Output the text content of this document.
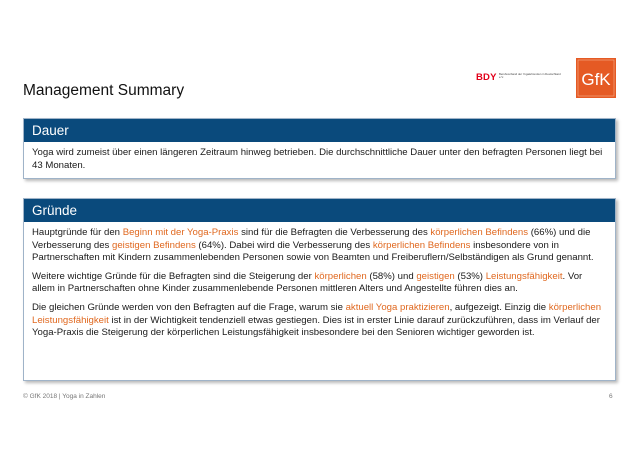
Management Summary
BDY Berufsverband der Yogalehrenden in Deutschland e.V.	GfK
Dauer

Yoga wird zumeist über einen längeren Zeitraum hinweg betrieben. Die durchschnittliche Dauer unter den befragten Personen liegt bei 43 Monaten.

Gründe

Hauptgründe für den Beginn mit der Yoga-Praxis sind für die Befragten die Verbesserung des körperlichen Befindens (66%) und die Verbesserung des geistigen Befindens (64%). Dabei wird die Verbesserung des körperlichen Befindens insbesondere von in Partnerschaften mit Kindern zusammenlebenden Personen sowie von Beamten und Freiberuflern/Selbständigen als Grund genannt.

Weitere wichtige Gründe für die Befragten sind die Steigerung der körperlichen (58%) und geistigen (53%) Leistungsfähigkeit. Vor allem in Partnerschaften ohne Kinder zusammenlebende Personen mittleren Alters und Angestellte führen dies an.

Die gleichen Gründe werden von den Befragten auf die Frage, warum sie aktuell Yoga praktizieren, aufgezeigt. Einzig die körperlichen Leistungsfähigkeit ist in der Wichtigkeit tendenziell etwas gestiegen. Dies ist in erster Linie darauf zurückzuführen, dass im Verlauf der Yoga-Praxis die Steigerung der körperlichen Leistungsfähigkeit insbesondere bei den Senioren wichtiger geworden ist.

© GfK 2018 | Yoga in Zahlen	6
